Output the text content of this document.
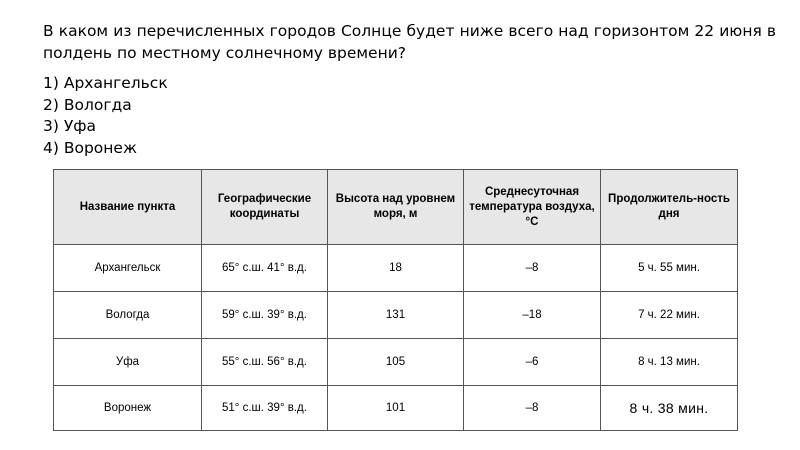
В каком из перечисленных городов Солнце будет ниже всего над горизонтом 22 июня в полдень по местному солнечному времени?

1) Архангельск
2) Вологда
3) Уфа
4) Воронеж
Название пункта	Географические координаты	Высота над уровнем моря, м	Среднесуточная температура воздуха, °С	Продолжитель-ность дня
Архангельск	65° с.ш. 41° в.д.	18	–8	5 ч. 55 мин.
Вологда	59° с.ш. 39° в.д.	131	–18	7 ч. 22 мин.
Уфа	55° с.ш. 56° в.д.	105	–6	8 ч. 13 мин.
Воронеж	51° с.ш. 39° в.д.	101	–8	8 ч. 38 мин.
